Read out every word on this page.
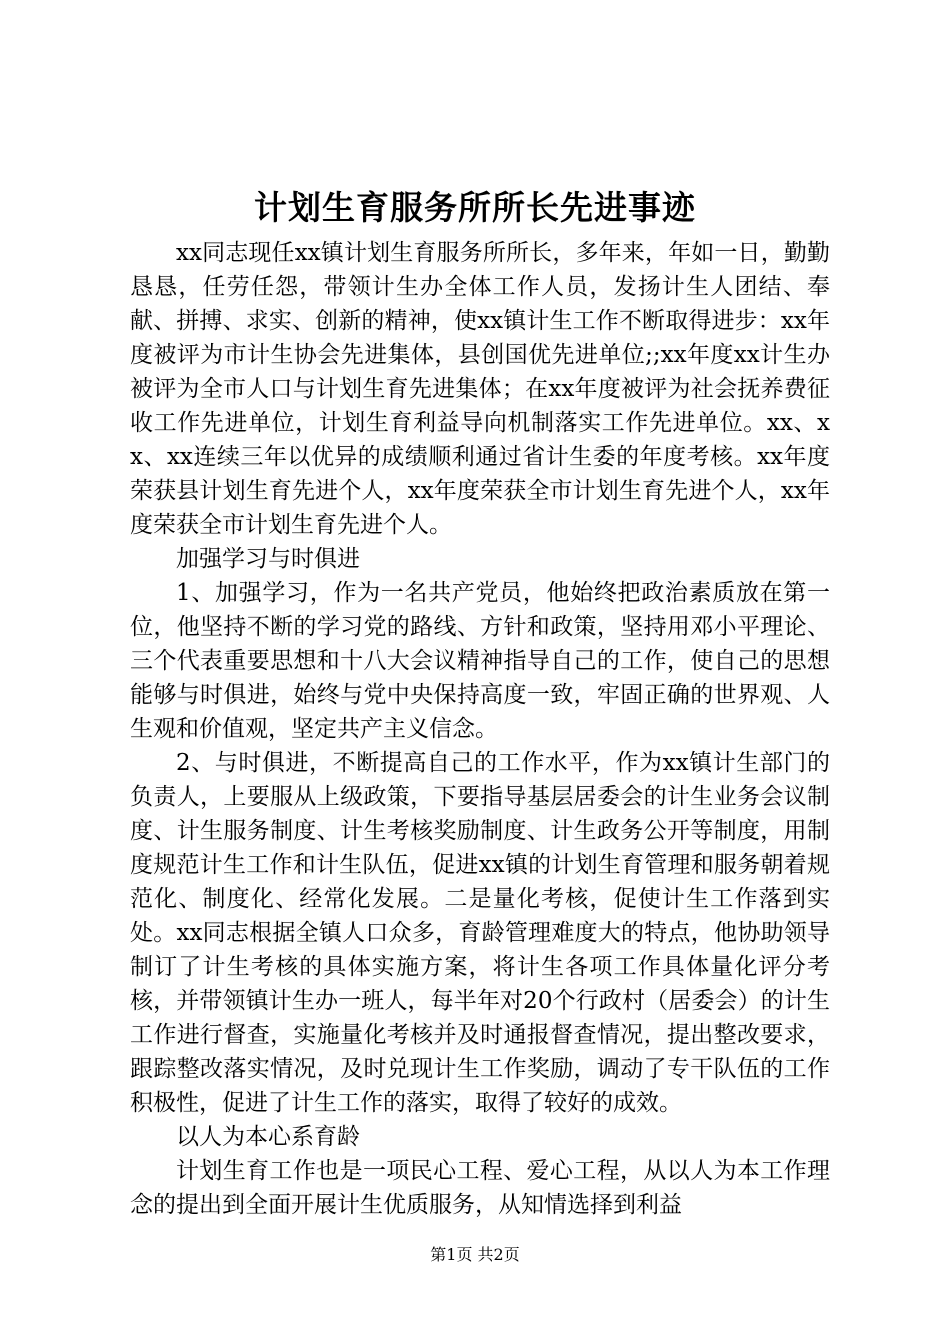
计划生育服务所所长先进事迹

xx同志现任xx镇计划生育服务所所长，多年来，年如一日，勤勤恳恳，任劳任怨，带领计生办全体工作人员，发扬计生人团结、奉献、拼搏、求实、创新的精神，使xx镇计生工作不断取得进步：xx年度被评为市计生协会先进集体，县创国优先进单位;;xx年度xx计生办被评为全市人口与计划生育先进集体；在xx年度被评为社会抚养费征收工作先进单位，计划生育利益导向机制落实工作先进单位。xx、xx、xx连续三年以优异的成绩顺利通过省计生委的年度考核。xx年度荣获县计划生育先进个人，xx年度荣获全市计划生育先进个人，xx年度荣获全市计划生育先进个人。

加强学习与时俱进

1、加强学习，作为一名共产党员，他始终把政治素质放在第一位，他坚持不断的学习党的路线、方针和政策，坚持用邓小平理论、三个代表重要思想和十八大会议精神指导自己的工作，使自己的思想能够与时俱进，始终与党中央保持高度一致，牢固正确的世界观、人生观和价值观，坚定共产主义信念。

2、与时俱进，不断提高自己的工作水平，作为xx镇计生部门的负责人，上要服从上级政策，下要指导基层居委会的计生业务会议制度、计生服务制度、计生考核奖励制度、计生政务公开等制度，用制度规范计生工作和计生队伍，促进xx镇的计划生育管理和服务朝着规范化、制度化、经常化发展。二是量化考核，促使计生工作落到实处。xx同志根据全镇人口众多，育龄管理难度大的特点，他协助领导制订了计生考核的具体实施方案，将计生各项工作具体量化评分考核，并带领镇计生办一班人，每半年对20个行政村（居委会）的计生工作进行督查，实施量化考核并及时通报督查情况，提出整改要求，跟踪整改落实情况，及时兑现计生工作奖励，调动了专干队伍的工作积极性，促进了计生工作的落实，取得了较好的成效。

以人为本心系育龄

计划生育工作也是一项民心工程、爱心工程，从以人为本工作理念的提出到全面开展计生优质服务，从知情选择到利益

第1页 共2页
